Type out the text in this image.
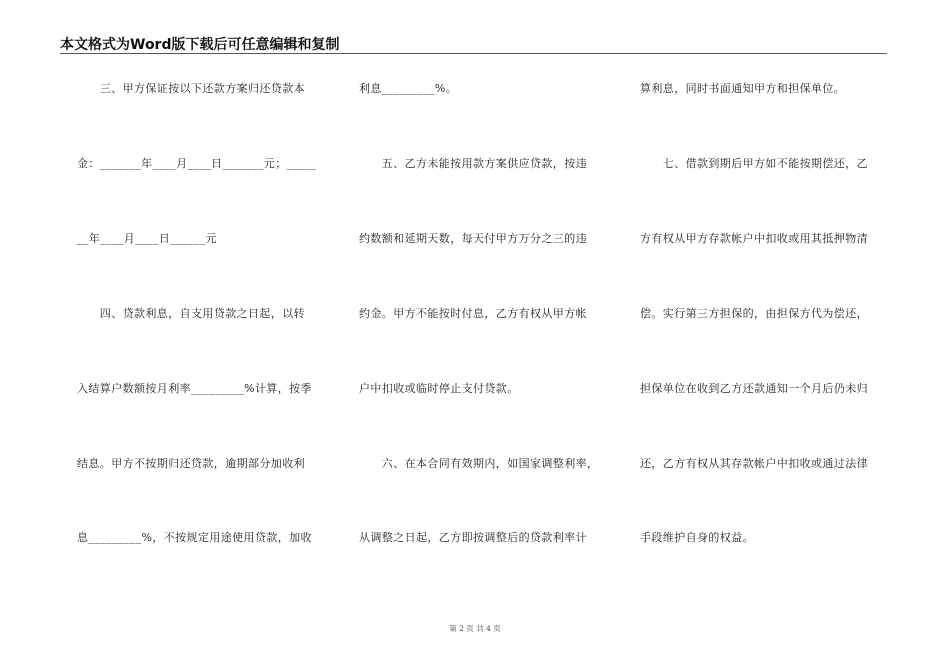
本文格式为Word版下载后可任意编辑和复制
　　三、甲方保证按以下还款方案归还贷款本
金：_______年____月____日_______元；_____
__年____月____日______元
　　四、贷款利息，自支用贷款之日起，以转
入结算户数额按月利率_________%计算，按季
结息。甲方不按期归还贷款，逾期部分加收利
息_________%，不按规定用途使用贷款，加收
利息_________%。
　　五、乙方未能按用款方案供应贷款，按违
约数额和延期天数，每天付甲方万分之三的违
约金。甲方不能按时付息，乙方有权从甲方帐
户中扣收或临时停止支付贷款。
　　六、在本合同有效期内，如国家调整利率，
从调整之日起，乙方即按调整后的贷款利率计
算利息，同时书面通知甲方和担保单位。
　　七、借款到期后甲方如不能按期偿还，乙
方有权从甲方存款帐户中扣收或用其抵押物清
偿。实行第三方担保的，由担保方代为偿还，
担保单位在收到乙方还款通知一个月后仍未归
还，乙方有权从其存款帐户中扣收或通过法律
手段维护自身的权益。
第 2 页 共 4 页
